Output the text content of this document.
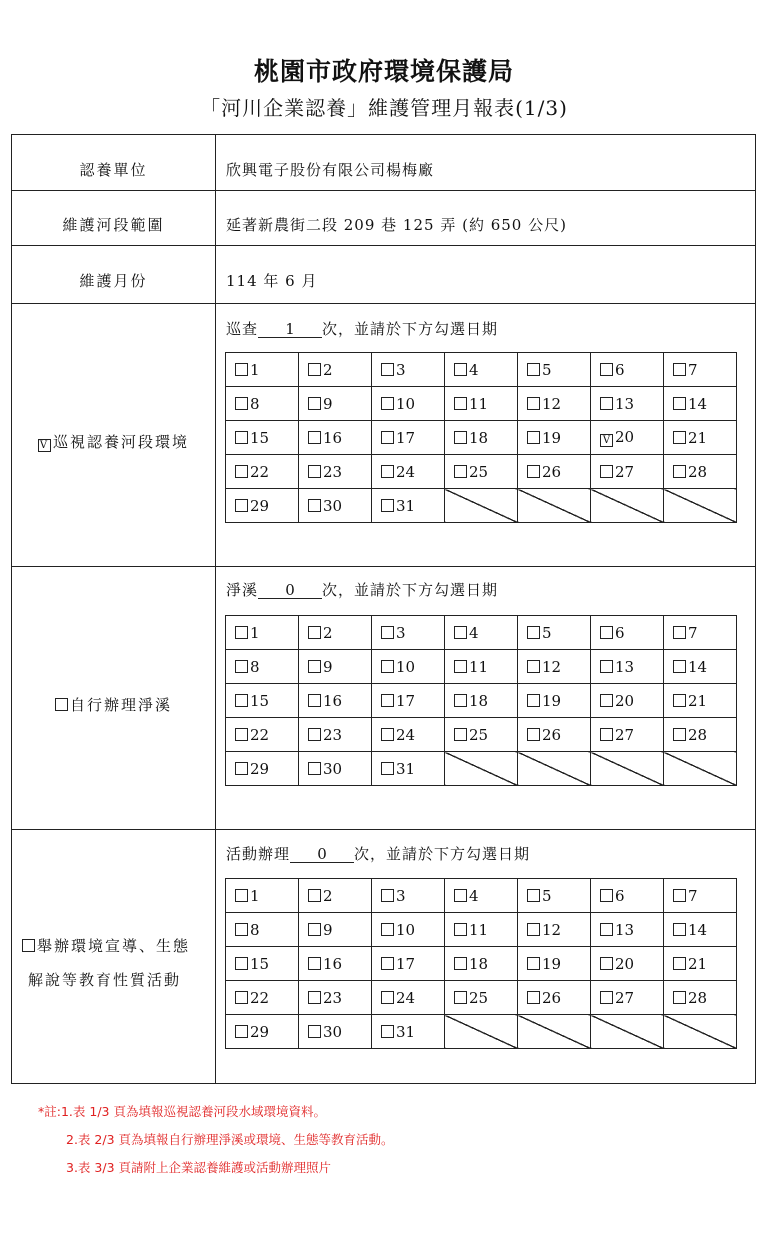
桃園市政府環境保護局
「河川企業認養」維護管理月報表(1/3)
認養單位	欣興電子股份有限公司楊梅廠
維護河段範圍	延著新農街二段 209 巷 125 弄 (約 650 公尺)
維護月份	114 年 6 月
V 巡視認養河段環境
巡查 1 次，並請於下方勾選日期
1	2	3	4	5	6	7
8	9	10	11	12	13	14
15	16	17	18	19	V 20	21
22	23	24	25	26	27	28
29	30	31				
自行辦理淨溪
淨溪 0 次，並請於下方勾選日期
1	2	3	4	5	6	7
8	9	10	11	12	13	14
15	16	17	18	19	20	21
22	23	24	25	26	27	28
29	30	31				
舉辦環境宣導、生態
解說等教育性質活動
活動辦理 0 次，並請於下方勾選日期
1	2	3	4	5	6	7
8	9	10	11	12	13	14
15	16	17	18	19	20	21
22	23	24	25	26	27	28
29	30	31				
*註:1.表 1/3 頁為填報巡視認養河段水域環境資料。
2.表 2/3 頁為填報自行辦理淨溪或環境、生態等教育活動。
3.表 3/3 頁請附上企業認養維護或活動辦理照片
